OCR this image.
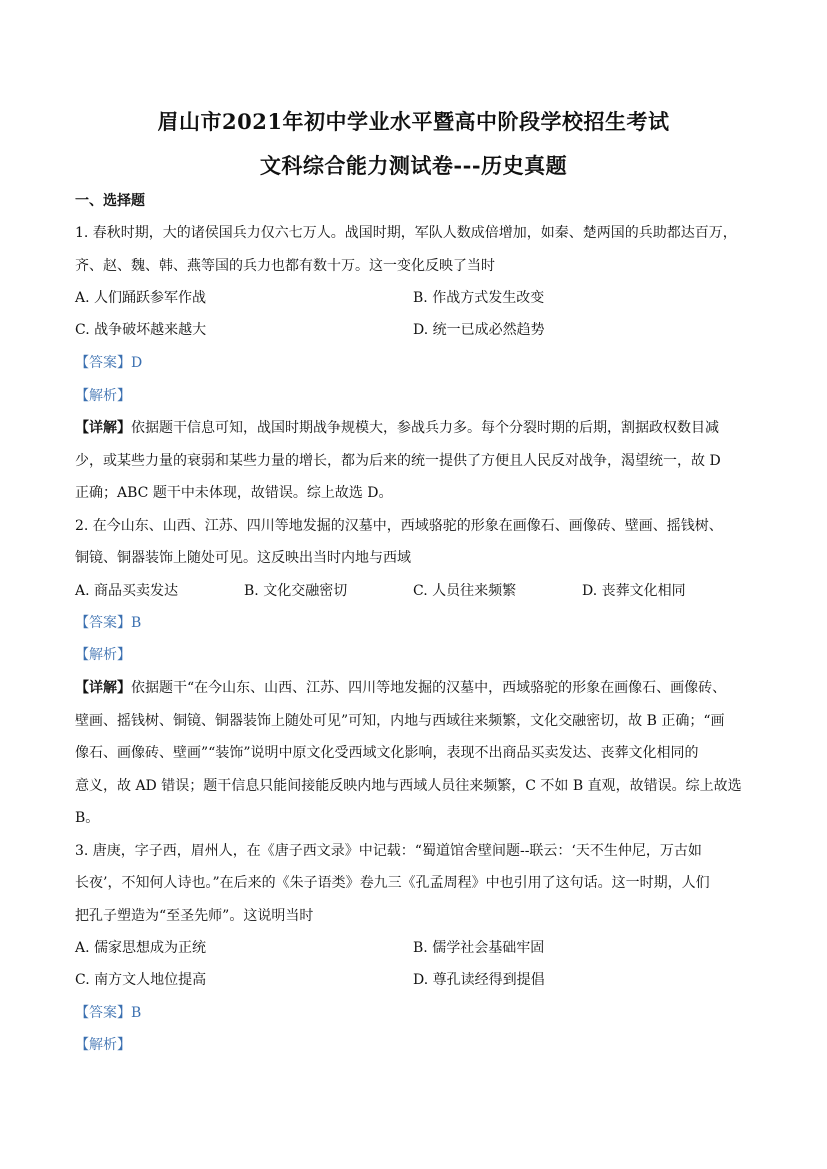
眉山市2021年初中学业水平暨高中阶段学校招生考试
文科综合能力测试卷---历史真题
一、选择题
1. 春秋时期，大的诸侯国兵力仅六七万人。战国时期，军队人数成倍增加，如秦、楚两国的兵助都达百万，
齐、赵、魏、韩、燕等国的兵力也都有数十万。这一变化反映了当时
A. 人们踊跃参军作战	B. 作战方式发生改变
C. 战争破坏越来越大	D. 统一已成必然趋势
【答案】D
【解析】
【详解】依据题干信息可知，战国时期战争规模大，参战兵力多。每个分裂时期的后期，割据政权数目减
少，或某些力量的衰弱和某些力量的增长，都为后来的统一提供了方便且人民反对战争，渴望统一，故 D
正确；ABC 题干中未体现，故错误。综上故选 D。
2. 在今山东、山西、江苏、四川等地发掘的汉墓中，西域骆驼的形象在画像石、画像砖、壁画、摇钱树、
铜镜、铜器装饰上随处可见。这反映出当时内地与西域
A. 商品买卖发达	B. 文化交融密切	C. 人员往来频繁	D. 丧葬文化相同
【答案】B
【解析】
【详解】依据题干“在今山东、山西、江苏、四川等地发掘的汉墓中，西域骆驼的形象在画像石、画像砖、
壁画、摇钱树、铜镜、铜器装饰上随处可见”可知，内地与西域往来频繁，文化交融密切，故 B 正确；“画
像石、画像砖、壁画”“装饰”说明中原文化受西域文化影响，表现不出商品买卖发达、丧葬文化相同的
意义，故 AD 错误；题干信息只能间接能反映内地与西域人员往来频繁，C 不如 B 直观，故错误。综上故选
B。
3. 唐庚，字子西，眉州人，在《唐子西文录》中记载：“蜀道馆舍壁间题--联云：‘天不生仲尼，万古如
长夜’，不知何人诗也。”在后来的《朱子语类》卷九三《孔孟周程》中也引用了这句话。这一时期，人们
把孔子塑造为“至圣先师”。这说明当时
A. 儒家思想成为正统	B. 儒学社会基础牢固
C. 南方文人地位提高	D. 尊孔读经得到提倡
【答案】B
【解析】
